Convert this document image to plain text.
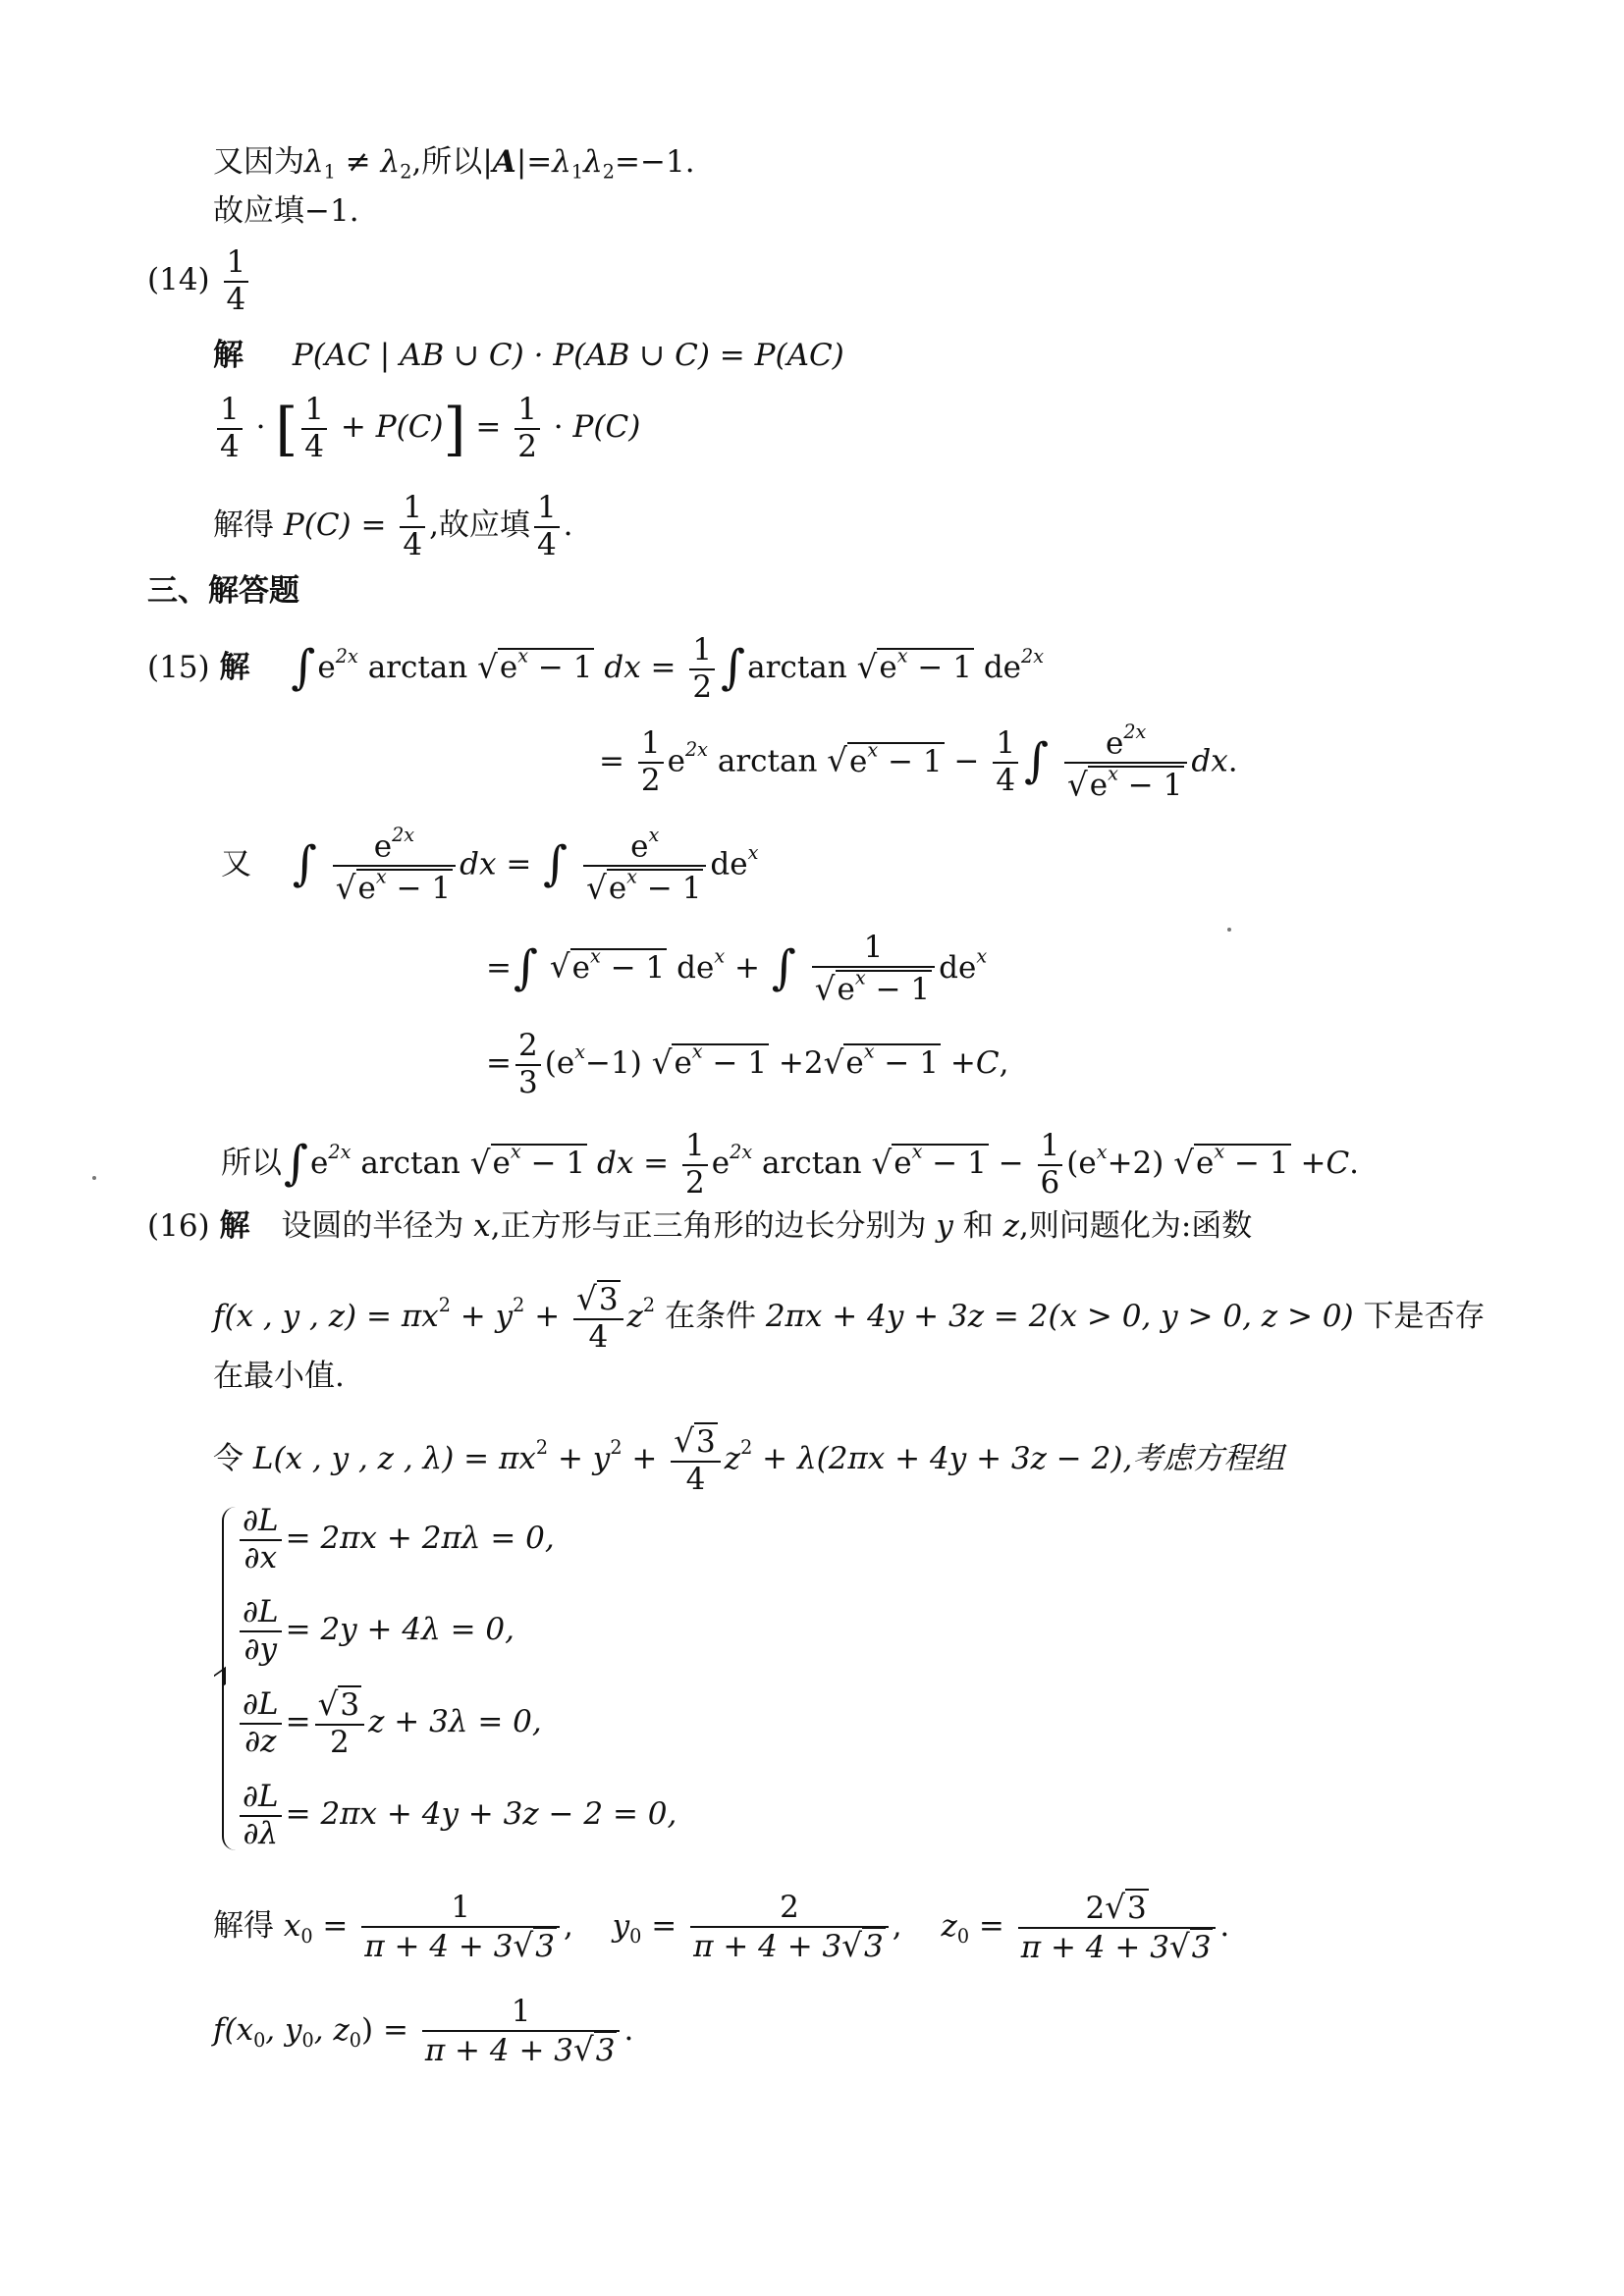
又因为$\lambda_1 \ne \lambda_2$,所以$|A|=\lambda_1\lambda_2=-1$.
故应填−1.
$(14) \frac{1}{4}$
解 P(AC | AB ∪ C) · P(AB ∪ C) = P(AC)
$\frac{1}{4}$ · [ $\frac{1}{4} + P(C)] = \frac{1}{2} \cdot P(C)$
解得 $P(C) = \frac{1}{4}$ ,故应填 $\frac{1}{4}$ .
三、解答题
(15) 解 $\int e^{2x}$ $\arctan √e^x - 1$ dx = $\frac{1}{2} \int\arctan$ $√e^x - 1$ $de^{2x}$
= $\frac{1}{2} e^{2x}$ $\arctan √e^x - 1 - \frac{1}{4}$ ∫ $\frac{e^{2x}}{√e^x - 1}$ dx.
又 ∫ $\frac{e^{2x}}{√e^x - 1}$ dx = ∫ $\frac{e^x}{√e^x - 1} de^x$
=∫ $√e^x - 1$ $de^x$ + ∫ $\frac{1}{√e^x - 1} de^x$
= $\frac{2}{3} (e^x-1) √e^x - 1 +2√e^x - 1 +C$,
所以$\int e^{2x}$ $\arctan √e^x - 1$ dx = $\frac{1}{2} e^{2x}$ $\arctan √e^x - 1 - \frac{1}{6} (e^x+2) √e^x - 1 +C$.
(16) 解 设圆的半径为 x,正方形与正三角形的边长分别为 y 和 z,则问题化为:函数
f(x , y , $z) = \pi x^2 + y^2 + \frac{√3}{4} z^2$ 在条件 2πx + 4y + 3z = 2(x > 0, y > 0, z > 0) 下是否存
在最小值.
令 L(x , y , z , $\lambda) = \pi x^2 + y^2 + \frac{√3}{4} z^2 + \lambda(2\pi x + 4y + 3z - 2)$,考虑方程组
$\frac{\partial L}{\partial x} = 2\pi x + 2\pi\lambda = 0$,
$\frac{\partial L}{\partial y} = 2y + 4\lambda = 0$,
$\frac{\partial L}{\partial z} = \frac{√3}{2}$ z + 3λ = 0,
$\frac{\partial L}{\partial\lambda} = 2\pi x + 4y + 3z - 2 = 0$,
解得 $x_0 = \frac{1}{\pi + 4 + 3√3}$ , $y_0 = \frac{2}{\pi + 4 + 3√3}$ , $z_0 = \frac{2√3}{\pi + 4 + 3√3}$ .
$f(x_0$, $y_0$, $z_0) = \frac{1}{\pi + 4 + 3√3}$ .
